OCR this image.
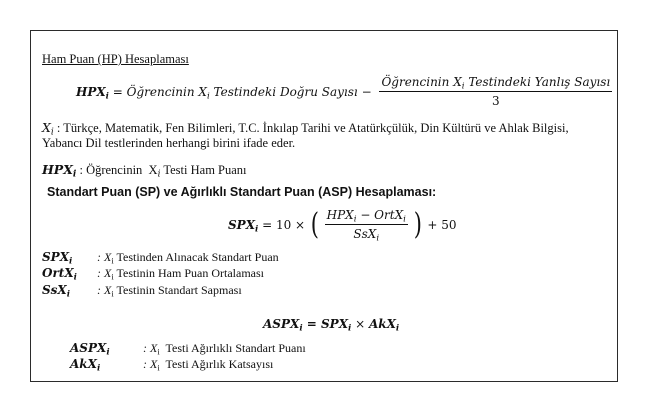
Ham Puan (HP) Hesaplaması
$HPX_i$ = Öğrencinin $X_i$ Testindeki Doğru Sayısı − $\frac{Öğrencinin X_i Testindeki Yanlış Sayısı}{3}$
$X_i$ : Türkçe, Matematik, Fen Bilimleri, T.C. İnkılap Tarihi ve Atatürkçülük, Din Kültürü ve Ahlak Bilgisi, Yabancı Dil testlerinden herhangi birini ifade eder.
$HPX_i$ : Öğrencinin  $X_i$ Testi Ham Puanı
Standart Puan (SP) ve Ağırlıklı Standart Puan (ASP) Hesaplaması:
$SPX_i = 10$ × ( $\frac{HPX_i - OrtX_i}{SsX_i}$ ) + 50
$SPX_i$	: $X_i$ Testinden Alınacak Standart Puan
OrtX$_i$	: $X_i$ Testinin Ham Puan Ortalaması
SsX$_i$	: $X_i$ Testinin Standart Sapması
$ASPX_i = SPX_i \times AkX_i$
$ASPX_i$	: $X_i$  Testi Ağırlıklı Standart Puanı
AkX$_i$	: $X_i$  Testi Ağırlık Katsayısı
